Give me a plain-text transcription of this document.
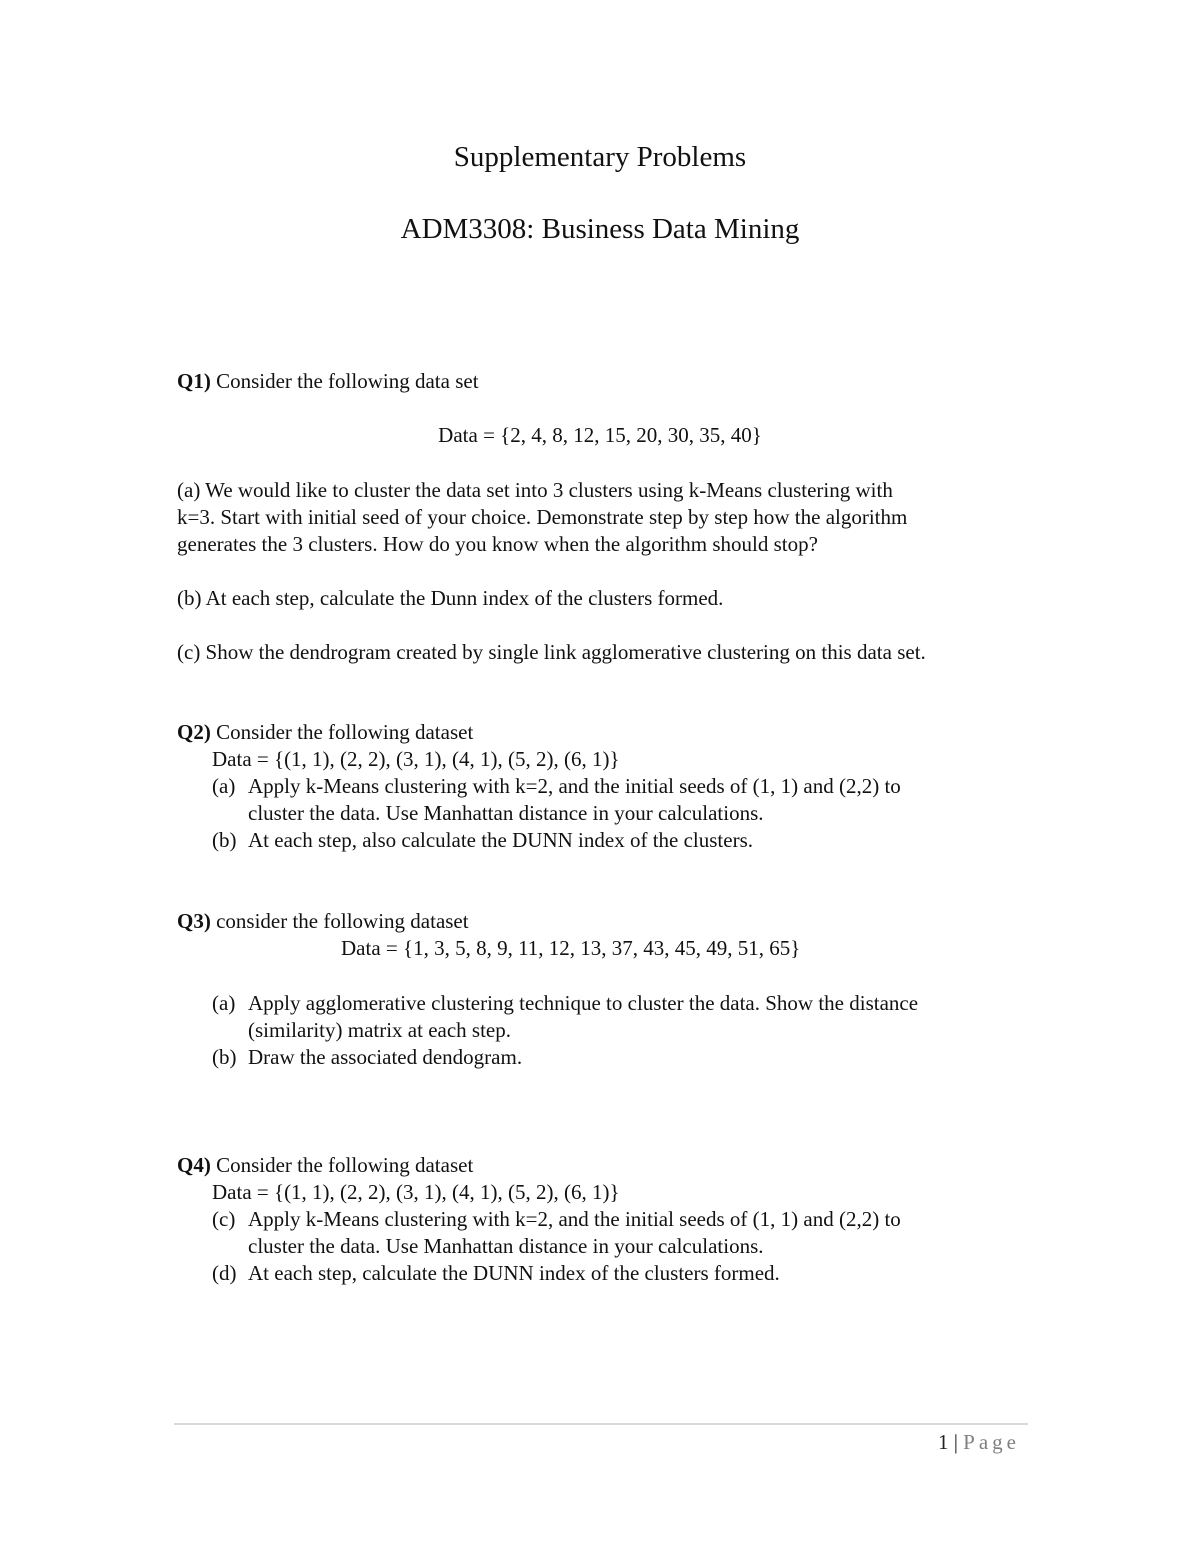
Supplementary Problems
ADM3308: Business Data Mining
Q1) Consider the following data set
Data = {2, 4, 8, 12, 15, 20, 30, 35, 40}
(a) We would like to cluster the data set into 3 clusters using k-Means clustering with
k=3. Start with initial seed of your choice. Demonstrate step by step how the algorithm
generates the 3 clusters. How do you know when the algorithm should stop?
(b) At each step, calculate the Dunn index of the clusters formed.
(c) Show the dendrogram created by single link agglomerative clustering on this data set.
Q2) Consider the following dataset
Data = {(1, 1), (2, 2), (3, 1), (4, 1), (5, 2), (6, 1)}
(a) Apply k-Means clustering with k=2, and the initial seeds of (1, 1) and (2,2) to
cluster the data. Use Manhattan distance in your calculations.
(b) At each step, also calculate the DUNN index of the clusters.
Q3) consider the following dataset
Data = {1, 3, 5, 8, 9, 11, 12, 13, 37, 43, 45, 49, 51, 65}
(a) Apply agglomerative clustering technique to cluster the data. Show the distance
(similarity) matrix at each step.
(b) Draw the associated dendogram.
Q4) Consider the following dataset
Data = {(1, 1), (2, 2), (3, 1), (4, 1), (5, 2), (6, 1)}
(c) Apply k-Means clustering with k=2, and the initial seeds of (1, 1) and (2,2) to
cluster the data. Use Manhattan distance in your calculations.
(d) At each step, calculate the DUNN index of the clusters formed.
1 | Page
